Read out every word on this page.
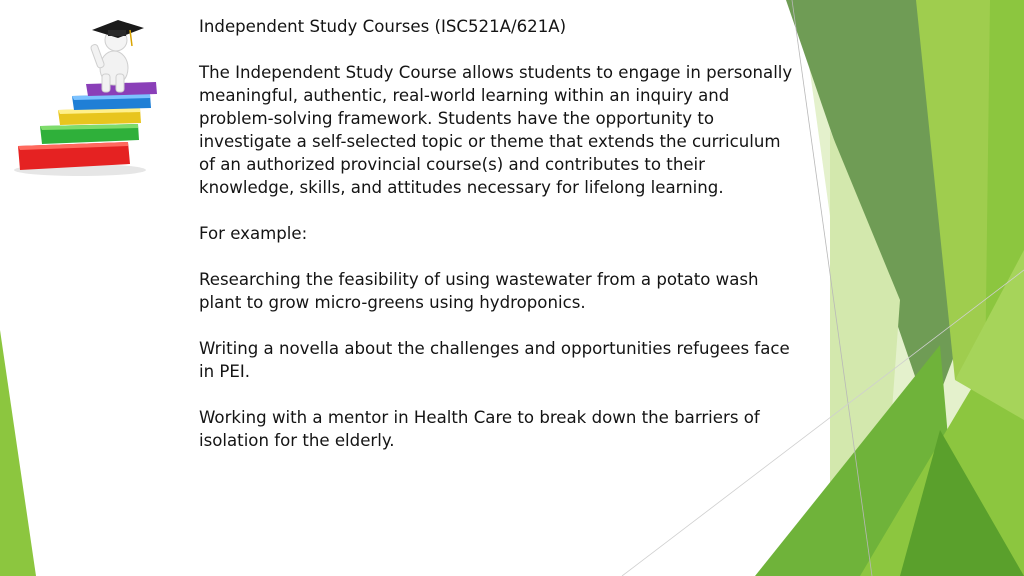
Independent Study Courses (ISC521A/621A)

The Independent Study Course allows students to engage in personally meaningful, authentic, real-world learning within an inquiry and problem-solving framework. Students have the opportunity to investigate a self-selected topic or theme that extends the curriculum of an authorized provincial course(s) and contributes to their knowledge, skills, and attitudes necessary for lifelong learning.

For example:

Researching the feasibility of using wastewater from a potato wash plant to grow micro-greens using hydroponics.

Writing a novella about the challenges and opportunities refugees face in PEI.

Working with a mentor in Health Care to break down the barriers of isolation for the elderly.
